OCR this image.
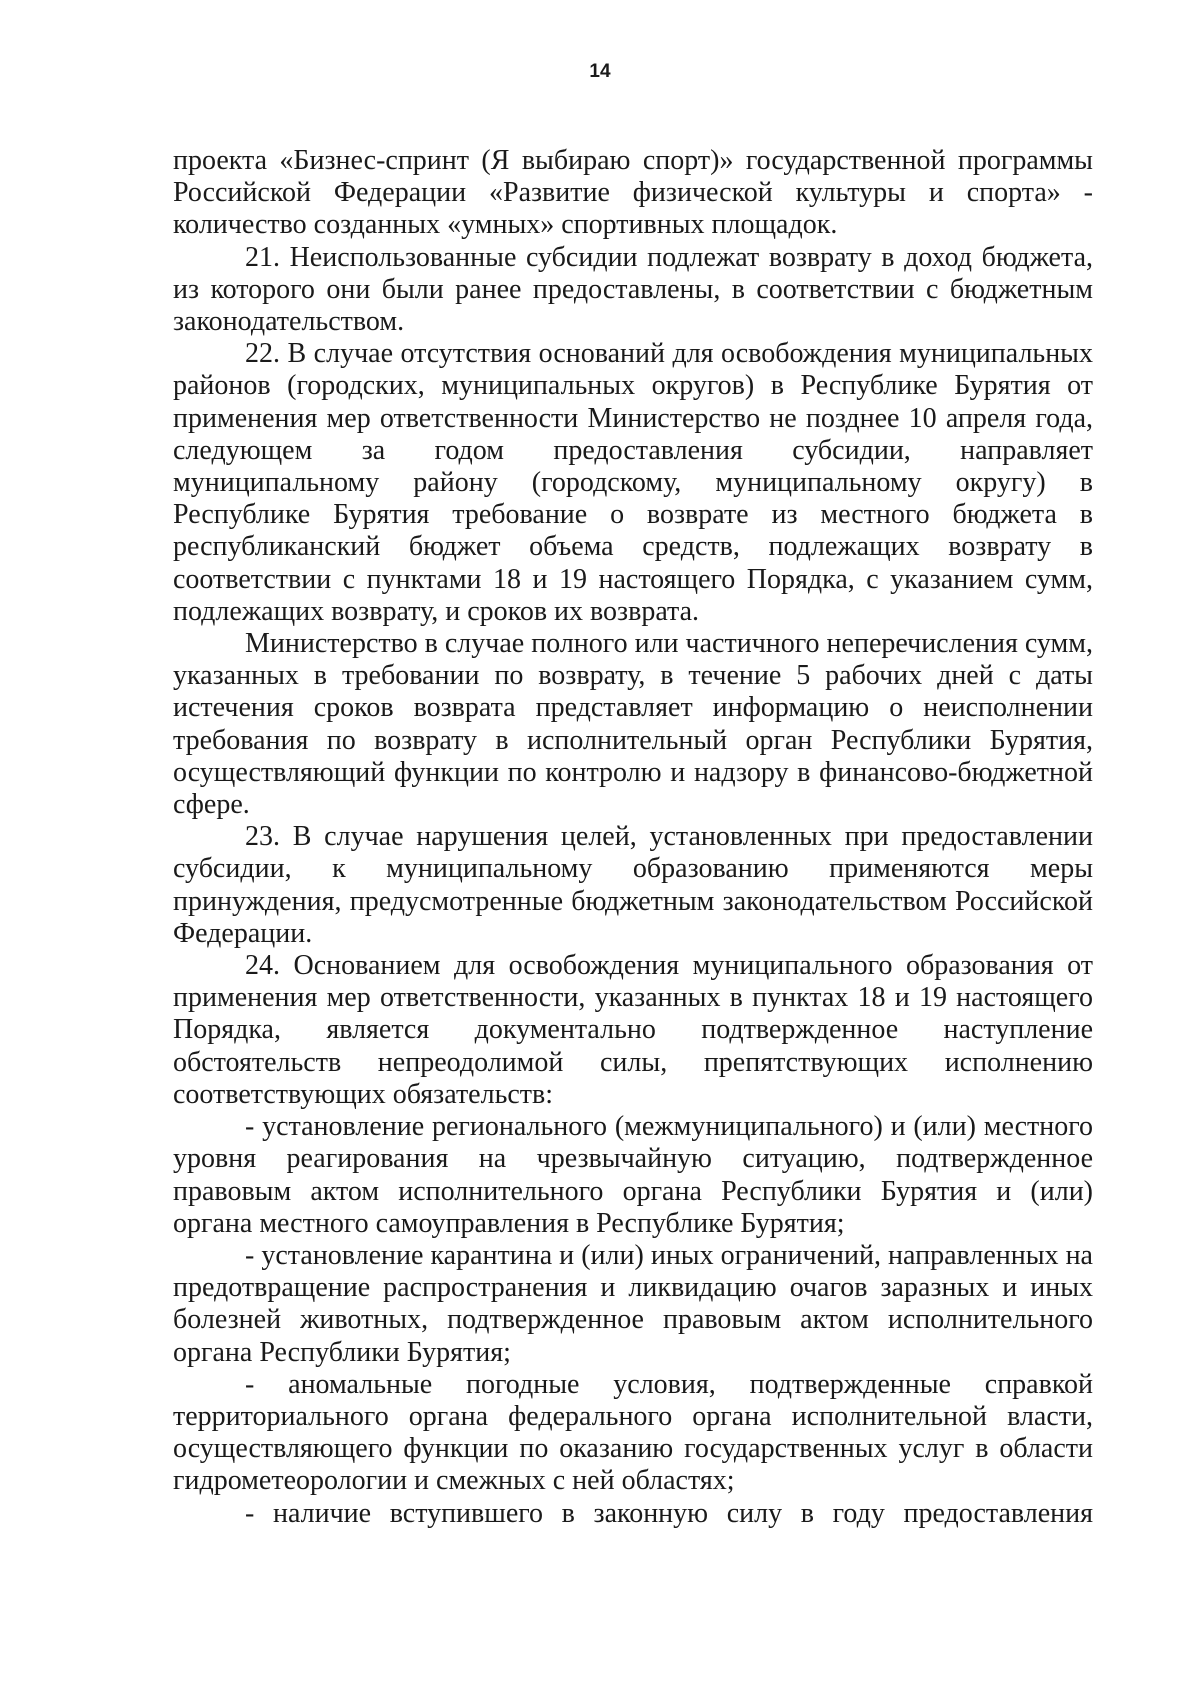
14

проекта «Бизнес-спринт (Я выбираю спорт)» государственной программы Российской Федерации «Развитие физической культуры и спорта» - количество созданных «умных» спортивных площадок.

21. Неиспользованные субсидии подлежат возврату в доход бюджета, из которого они были ранее предоставлены, в соответствии с бюджетным законодательством.

22. В случае отсутствия оснований для освобождения муниципальных районов (городских, муниципальных округов) в Республике Бурятия от применения мер ответственности Министерство не позднее 10 апреля года, следующем за годом предоставления субсидии, направляет муниципальному району (городскому, муниципальному округу) в Республике Бурятия требование о возврате из местного бюджета в республиканский бюджет объема средств, подлежащих возврату в соответствии с пунктами 18 и 19 настоящего Порядка, с указанием сумм, подлежащих возврату, и сроков их возврата.

Министерство в случае полного или частичного неперечисления сумм, указанных в требовании по возврату, в течение 5 рабочих дней с даты истечения сроков возврата представляет информацию о неисполнении требования по возврату в исполнительный орган Республики Бурятия, осуществляющий функции по контролю и надзору в финансово-бюджетной сфере.

23. В случае нарушения целей, установленных при предоставлении субсидии, к муниципальному образованию применяются меры принуждения, предусмотренные бюджетным законодательством Российской Федерации.

24. Основанием для освобождения муниципального образования от применения мер ответственности, указанных в пунктах 18 и 19 настоящего Порядка, является документально подтвержденное наступление обстоятельств непреодолимой силы, препятствующих исполнению соответствующих обязательств:

- установление регионального (межмуниципального) и (или) местного уровня реагирования на чрезвычайную ситуацию, подтвержденное правовым актом исполнительного органа Республики Бурятия и (или) органа местного самоуправления в Республике Бурятия;

- установление карантина и (или) иных ограничений, направленных на предотвращение распространения и ликвидацию очагов заразных и иных болезней животных, подтвержденное правовым актом исполнительного органа Республики Бурятия;

- аномальные погодные условия, подтвержденные справкой территориального органа федерального органа исполнительной власти, осуществляющего функции по оказанию государственных услуг в области гидрометеорологии и смежных с ней областях;

- наличие вступившего в законную силу в году предоставления
